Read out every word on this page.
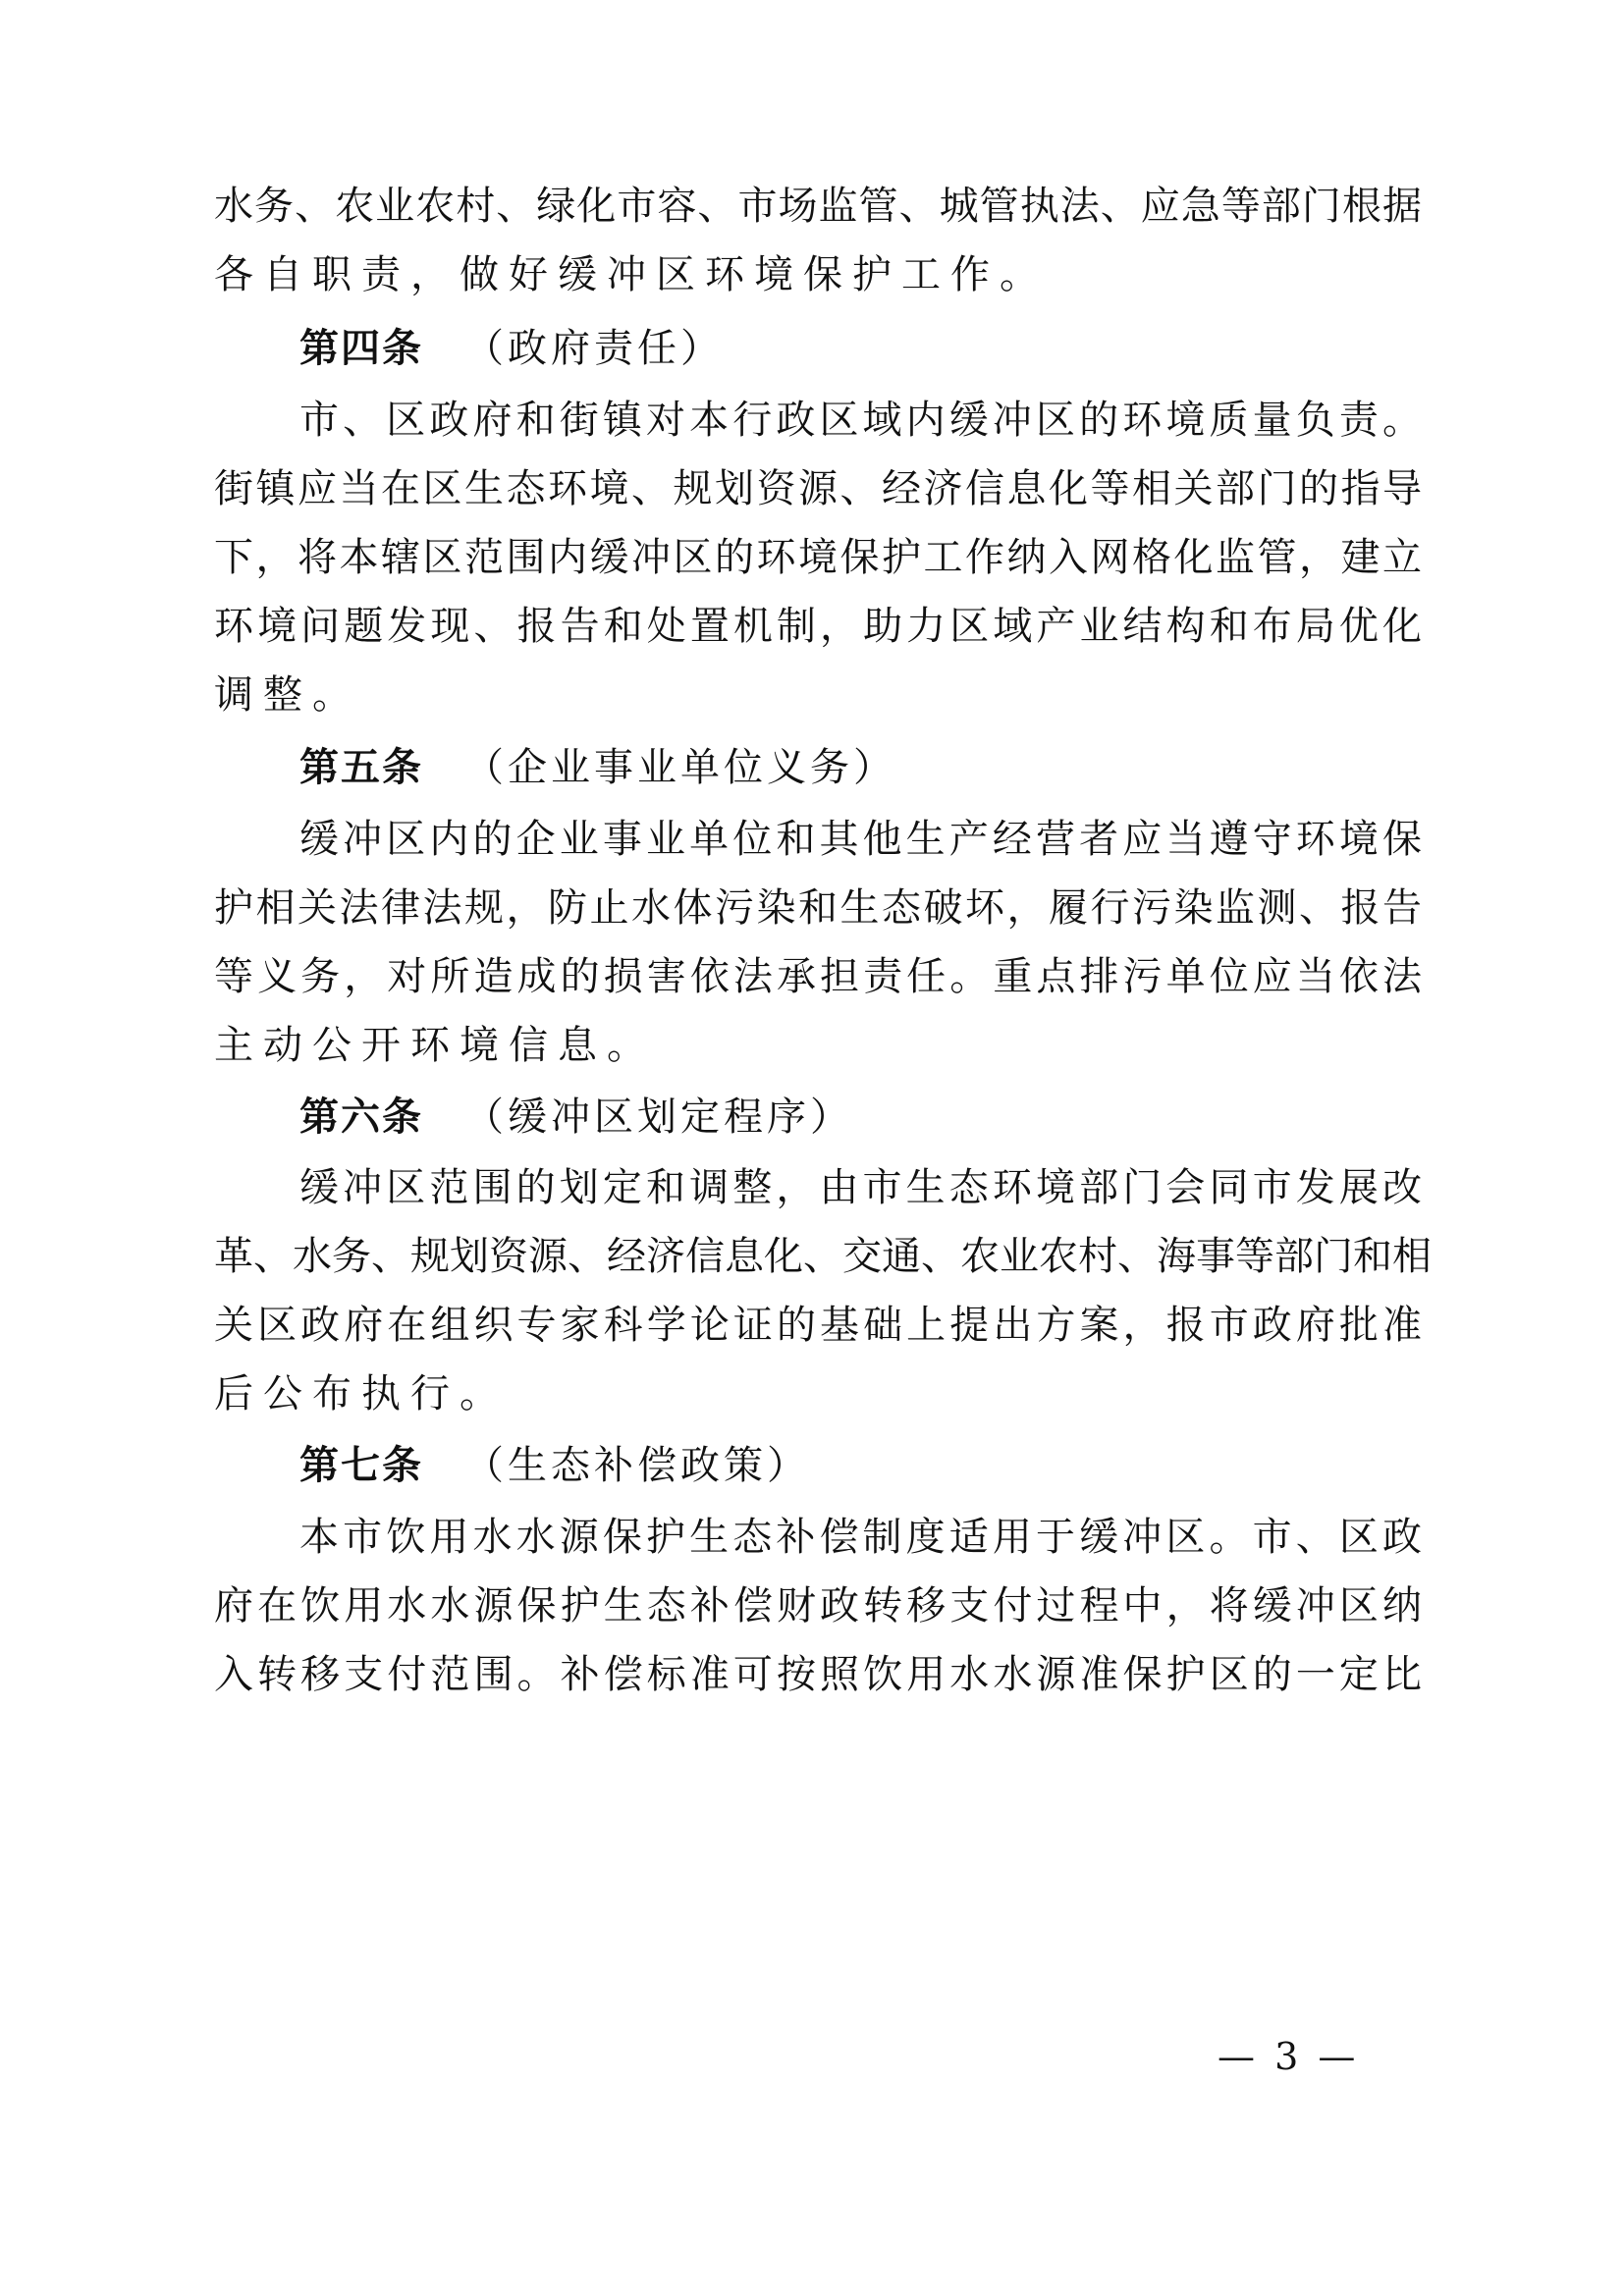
水务、农业农村、绿化市容、市场监管、城管执法、应急等部门根据
各自职责，做好缓冲区环境保护工作。
第四条 （政府责任）
市、区政府和街镇对本行政区域内缓冲区的环境质量负责。
街镇应当在区生态环境、规划资源、经济信息化等相关部门的指导
下，将本辖区范围内缓冲区的环境保护工作纳入网格化监管，建立
环境问题发现、报告和处置机制，助力区域产业结构和布局优化
调整。
第五条 （企业事业单位义务）
缓冲区内的企业事业单位和其他生产经营者应当遵守环境保
护相关法律法规，防止水体污染和生态破坏，履行污染监测、报告
等义务，对所造成的损害依法承担责任。重点排污单位应当依法
主动公开环境信息。
第六条 （缓冲区划定程序）
缓冲区范围的划定和调整，由市生态环境部门会同市发展改
革、水务、规划资源、经济信息化、交通、农业农村、海事等部门和相
关区政府在组织专家科学论证的基础上提出方案，报市政府批准
后公布执行。
第七条 （生态补偿政策）
本市饮用水水源保护生态补偿制度适用于缓冲区。市、区政
府在饮用水水源保护生态补偿财政转移支付过程中，将缓冲区纳
入转移支付范围。补偿标准可按照饮用水水源准保护区的一定比
— 3 —
